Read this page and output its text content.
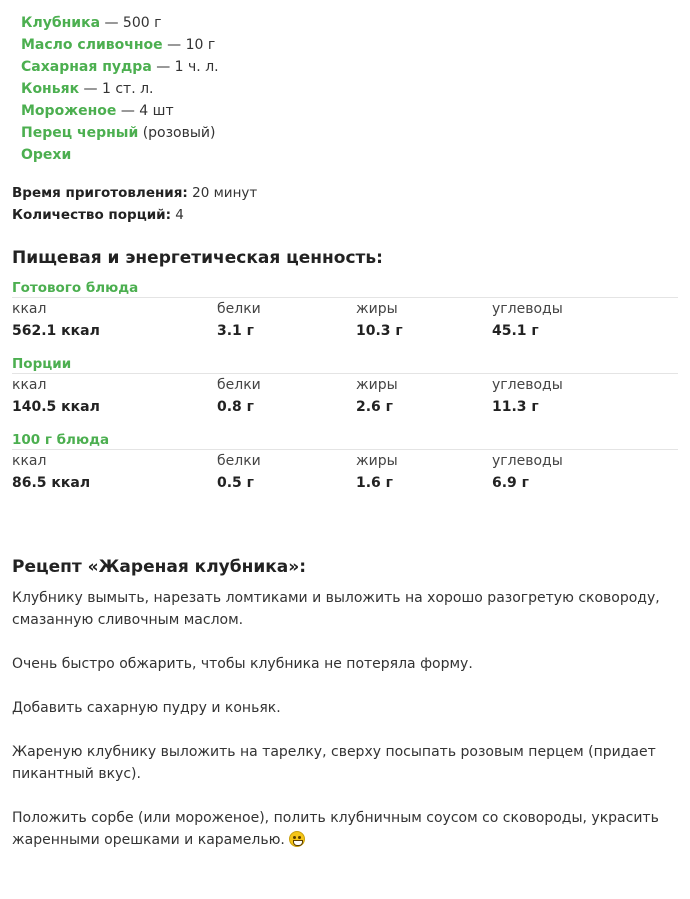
Клубника — 500 г
Масло сливочное — 10 г
Сахарная пудра — 1 ч. л.
Коньяк — 1 ст. л.
Мороженое — 4 шт
Перец черный (розовый)
Орехи

Время приготовления: 20 минут

Количество порций: 4

Пищевая и энергетическая ценность:
Готового блюда
ккал	белки	жиры	углеводы
562.1 ккал	3.1 г	10.3 г	45.1 г
Порции
ккал	белки	жиры	углеводы
140.5 ккал	0.8 г	2.6 г	11.3 г
100 г блюда
ккал	белки	жиры	углеводы
86.5 ккал	0.5 г	1.6 г	6.9 г
Рецепт «Жареная клубника»:

Клубнику вымыть, нарезать ломтиками и выложить на хорошо разогретую сковороду, смазанную сливочным маслом.

Очень быстро обжарить, чтобы клубника не потеряла форму.

Добавить сахарную пудру и коньяк.

Жареную клубнику выложить на тарелку, сверху посыпать розовым перцем (придает пикантный вкус).

Положить сорбе (или мороженое), полить клубничным соусом со сковороды, украсить жаренными орешками и карамелью.
